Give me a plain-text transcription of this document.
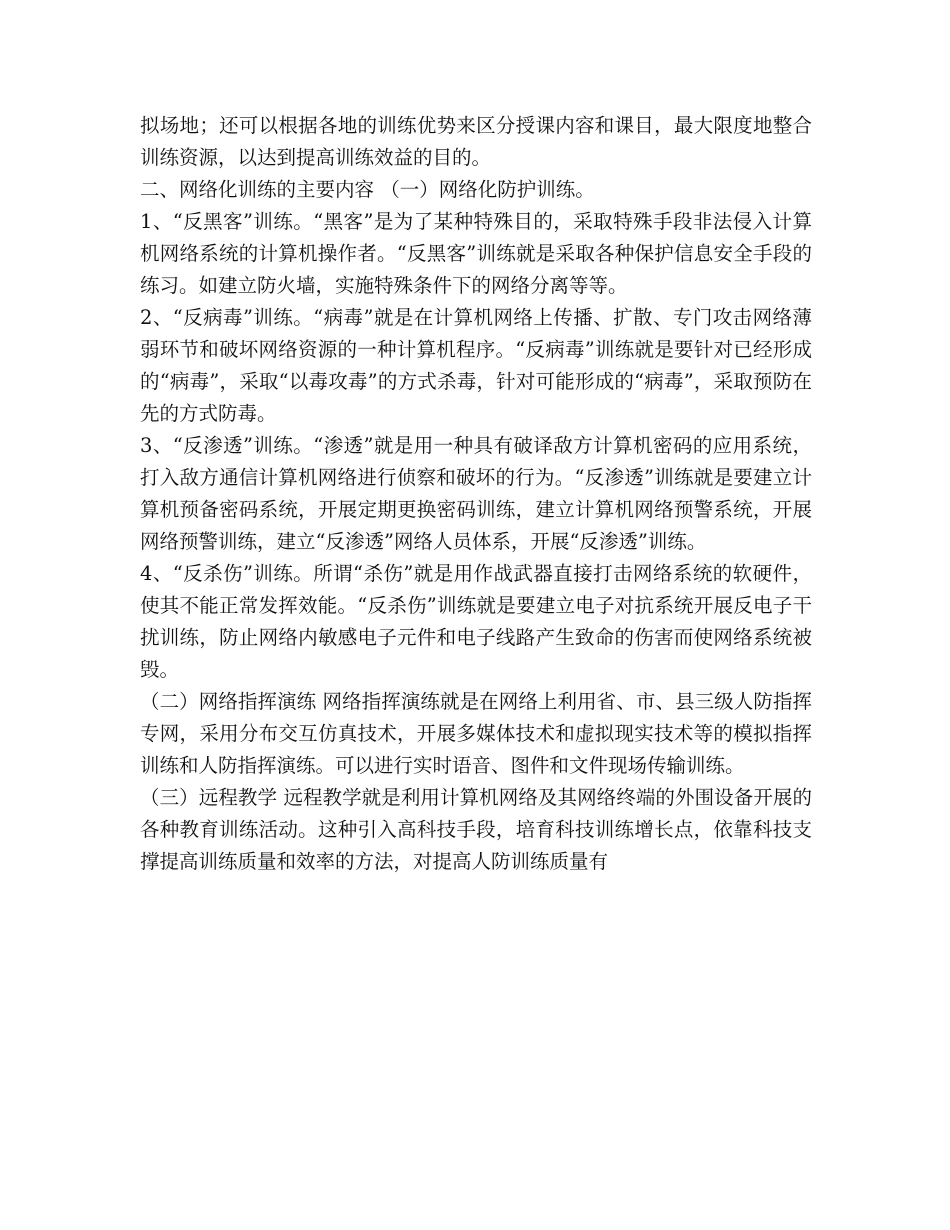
拟场地；还可以根据各地的训练优势来区分授课内容和课目，最大限度地整合训练资源，以达到提高训练效益的目的。

二、网络化训练的主要内容 （一）网络化防护训练。

1、“反黑客”训练。“黑客”是为了某种特殊目的，采取特殊手段非法侵入计算机网络系统的计算机操作者。“反黑客”训练就是采取各种保护信息安全手段的练习。如建立防火墙，实施特殊条件下的网络分离等等。

2、“反病毒”训练。“病毒”就是在计算机网络上传播、扩散、专门攻击网络薄弱环节和破坏网络资源的一种计算机程序。“反病毒”训练就是要针对已经形成的“病毒”，采取“以毒攻毒”的方式杀毒，针对可能形成的“病毒”，采取预防在先的方式防毒。

3、“反渗透”训练。“渗透”就是用一种具有破译敌方计算机密码的应用系统，打入敌方通信计算机网络进行侦察和破坏的行为。“反渗透”训练就是要建立计算机预备密码系统，开展定期更换密码训练，建立计算机网络预警系统，开展网络预警训练，建立“反渗透”网络人员体系，开展“反渗透”训练。

4、“反杀伤”训练。所谓“杀伤”就是用作战武器直接打击网络系统的软硬件，使其不能正常发挥效能。“反杀伤”训练就是要建立电子对抗系统开展反电子干扰训练，防止网络内敏感电子元件和电子线路产生致命的伤害而使网络系统被毁。

（二）网络指挥演练 网络指挥演练就是在网络上利用省、市、县三级人防指挥专网，采用分布交互仿真技术，开展多媒体技术和虚拟现实技术等的模拟指挥训练和人防指挥演练。可以进行实时语音、图件和文件现场传输训练。

（三）远程教学 远程教学就是利用计算机网络及其网络终端的外围设备开展的各种教育训练活动。这种引入高科技手段，培育科技训练增长点，依靠科技支撑提高训练质量和效率的方法，对提高人防训练质量有
